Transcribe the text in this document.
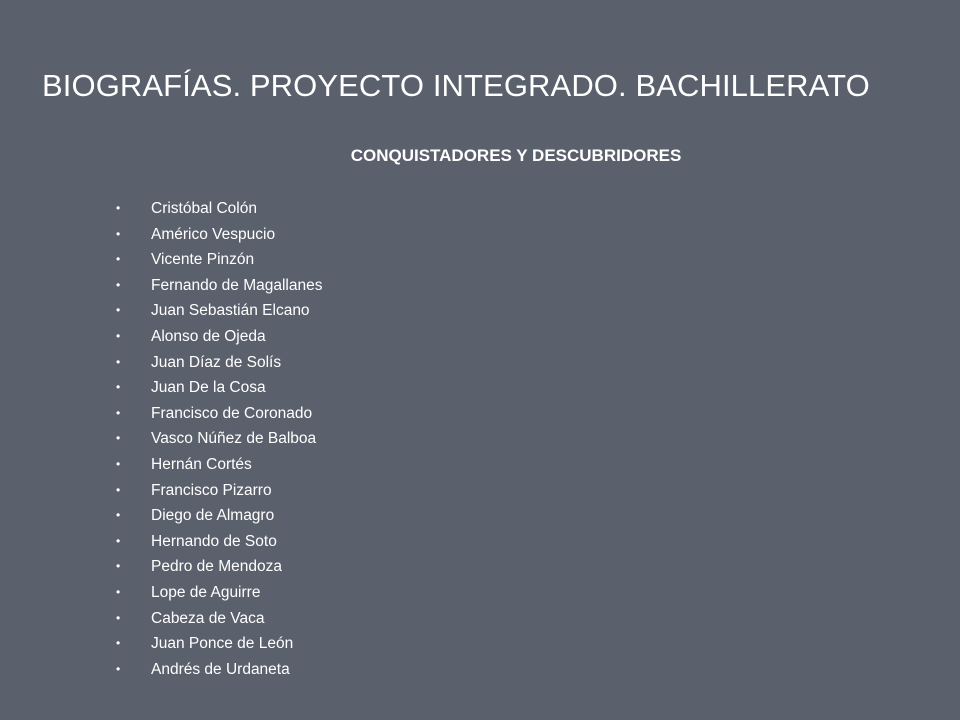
BIOGRAFÍAS. PROYECTO INTEGRADO. BACHILLERATO
CONQUISTADORES Y DESCUBRIDORES
• Cristóbal Colón
• Américo Vespucio
• Vicente Pinzón
• Fernando de Magallanes
• Juan Sebastián Elcano
• Alonso de Ojeda
• Juan Díaz de Solís
• Juan De la Cosa
• Francisco de Coronado
• Vasco Núñez de Balboa
• Hernán Cortés
• Francisco Pizarro
• Diego de Almagro
• Hernando de Soto
• Pedro de Mendoza
• Lope de Aguirre
• Cabeza de Vaca
• Juan Ponce de León
• Andrés de Urdaneta
